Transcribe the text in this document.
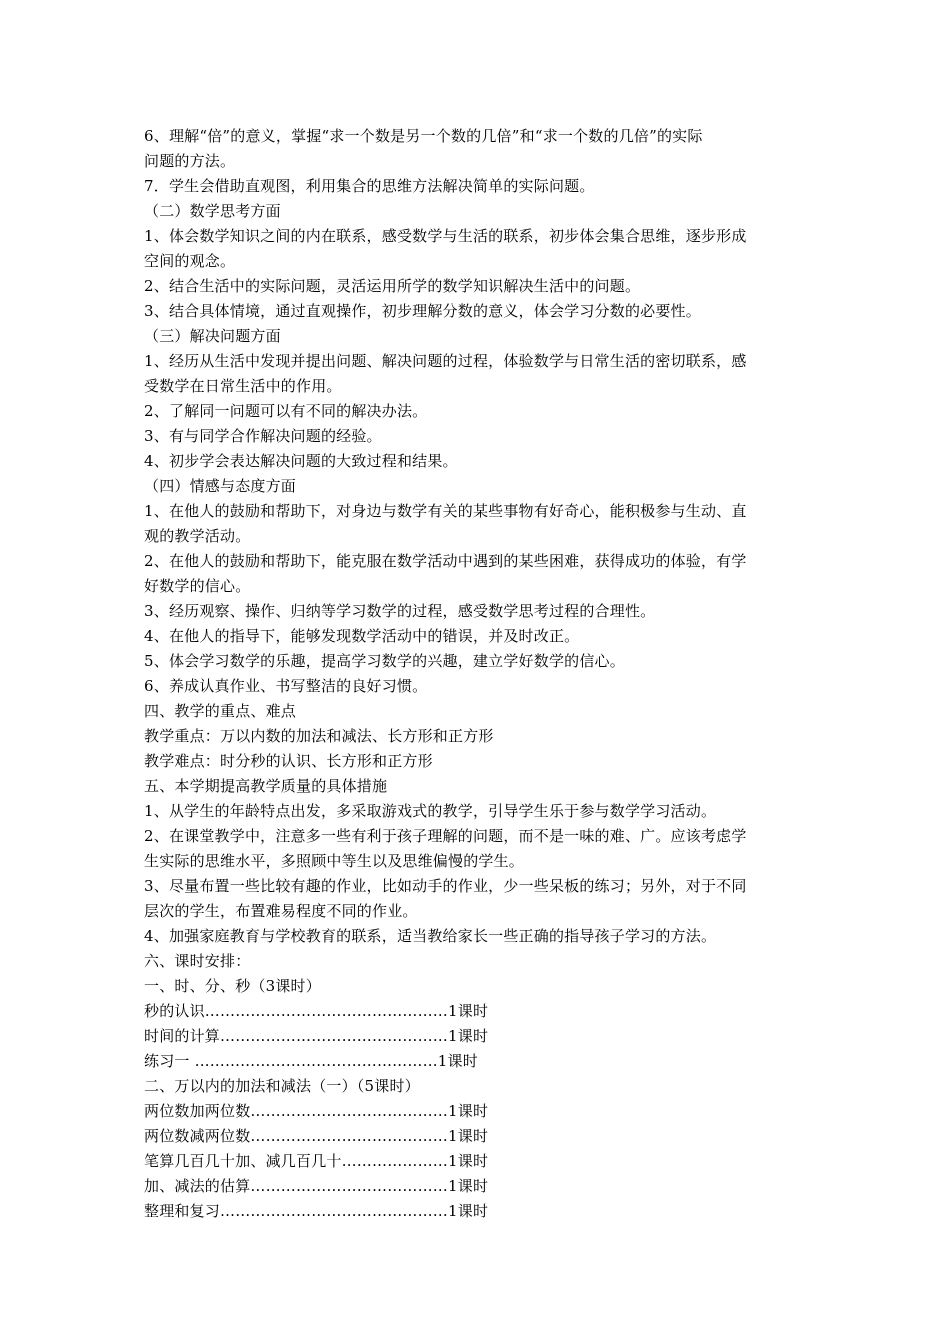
6、理解“倍”的意义，掌握“求一个数是另一个数的几倍”和“求一个数的几倍”的实际
问题的方法。
7．学生会借助直观图，利用集合的思维方法解决简单的实际问题。
（二）数学思考方面
1、体会数学知识之间的内在联系，感受数学与生活的联系，初步体会集合思维，逐步形成
空间的观念。
2、结合生活中的实际问题，灵活运用所学的数学知识解决生活中的问题。
3、结合具体情境，通过直观操作，初步理解分数的意义，体会学习分数的必要性。
（三）解决问题方面
1、经历从生活中发现并提出问题、解决问题的过程，体验数学与日常生活的密切联系，感
受数学在日常生活中的作用。
2、了解同一问题可以有不同的解决办法。
3、有与同学合作解决问题的经验。
4、初步学会表达解决问题的大致过程和结果。
（四）情感与态度方面
1、在他人的鼓励和帮助下，对身边与数学有关的某些事物有好奇心，能积极参与生动、直
观的教学活动。
2、在他人的鼓励和帮助下，能克服在数学活动中遇到的某些困难，获得成功的体验，有学
好数学的信心。
3、经历观察、操作、归纳等学习数学的过程，感受数学思考过程的合理性。
4、在他人的指导下，能够发现数学活动中的错误，并及时改正。
5、体会学习数学的乐趣，提高学习数学的兴趣，建立学好数学的信心。
6、养成认真作业、书写整洁的良好习惯。
四、教学的重点、难点
教学重点：万以内数的加法和减法、长方形和正方形
教学难点：时分秒的认识、长方形和正方形
五、本学期提高教学质量的具体措施
1、从学生的年龄特点出发，多采取游戏式的教学，引导学生乐于参与数学学习活动。
2、在课堂教学中，注意多一些有利于孩子理解的问题，而不是一味的难、广。应该考虑学
生实际的思维水平，多照顾中等生以及思维偏慢的学生。
3、尽量布置一些比较有趣的作业，比如动手的作业，少一些呆板的练习；另外，对于不同
层次的学生，布置难易程度不同的作业。
4、加强家庭教育与学校教育的联系，适当教给家长一些正确的指导孩子学习的方法。
六、课时安排：
一、时、分、秒（3课时）
秒的认识…………………………………………1课时
时间的计算………………………………………1课时
练习一 …………………………………………1课时
二、万以内的加法和减法（一）（5课时）
两位数加两位数…………………………………1课时
两位数减两位数…………………………………1课时
笔算几百几十加、减几百几十…………………1课时
加、减法的估算…………………………………1课时
整理和复习………………………………………1课时
